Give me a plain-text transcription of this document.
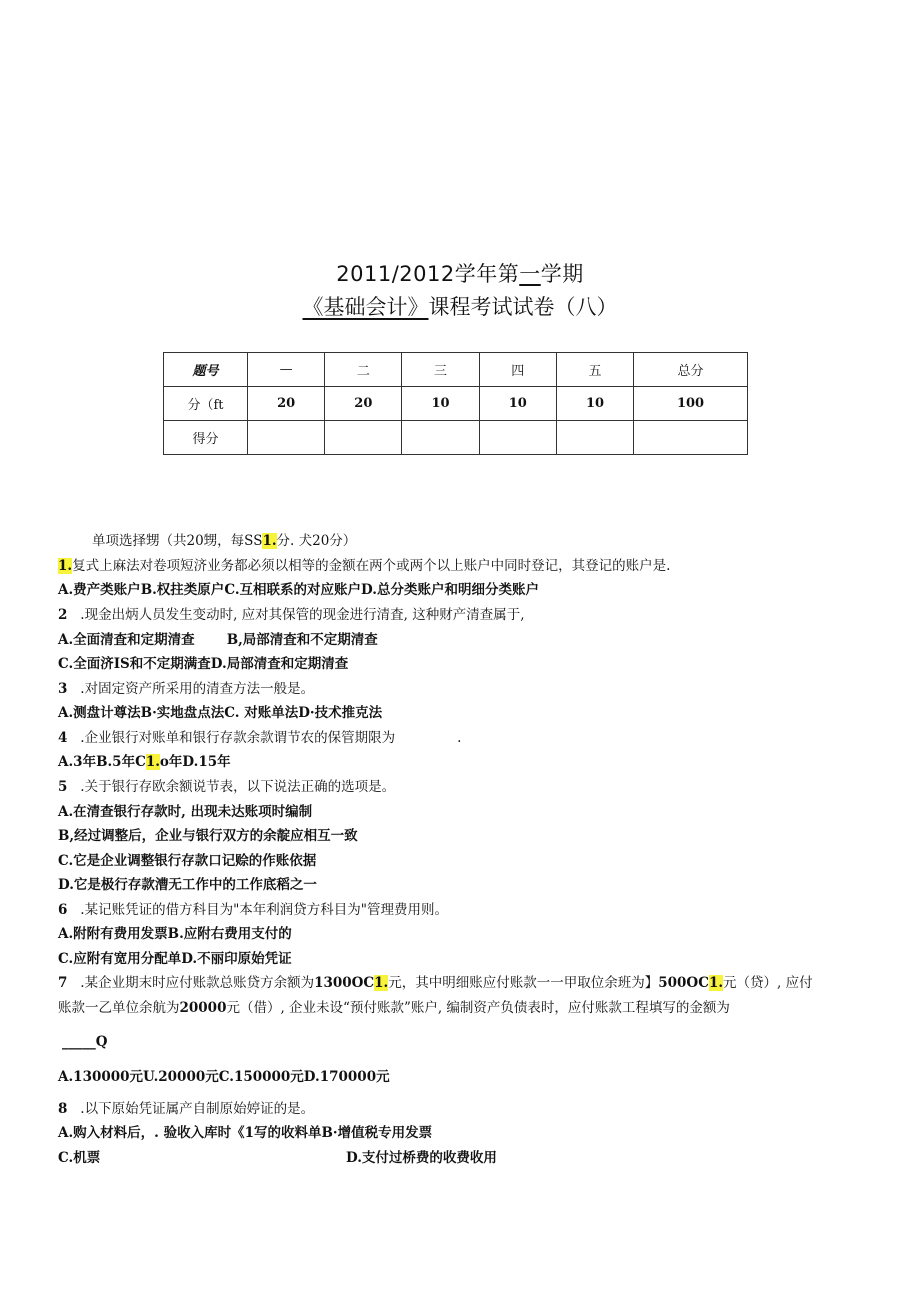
2011/2012学年第一学期
《基础会计》课程考试试卷（八）
题号	—	二	三	四	五	总分
分（ft	20	20	10	10	10	100
得分						
单项选择甥（共20甥，每SS1.分. 犬20分）
1.复式上麻法对卷项短济业务都必须以相等的金额在两个或两个以上账户中同时登记，其登记的账户是.
A.费产类账户B.权拄类原户C.互相联系的对应账户D.总分类账户和明细分类账户
2 .现金出炳人员发生变动时, 应对其保管的现金进行清査, 这种财产清查属于,
A.全面清査和定期清查 B,局部清査和不定期清查
C.全面济IS和不定期满査D.局部清査和定期清查
3 .对固定资产所采用的清查方法一般是。
A.测盘计尊法B·实地盘点法C. 对账单法D·技术推克法
4 .企业银行对账单和银行存款余款谓节农的保管期限为	.
A.3年B.5年C1.o年D.15年
5 .关于银行存欧余额说节表，以下说法正确的选项是。
A.在清查银行存款时, 出现未达账项时编制
B,经过调整后，企业与银行双方的余靛应相互一致
C.它是企业调整银行存款口记赊的作账依据
D.它是极行存款漕无工作中的工作底稻之一
6 .某记账凭证的借方科目为"本年利润贷方科目为"管理费用则。
A.附附有费用发票B.应附右费用支付的
C.应附有宽用分配单D.不丽印原始凭证
7 .某企业期末时应付账款总账贷方余额为1300OC1.元，其中明细账应付账款一一甲取位余班为】500OC1.元（贷）, 应付
账款一乙单位余航为20000元（借）, 企业未设“预付账款”账户, 编制资产负债表时，应付账款工程填写的金额为
_____Q
A.130000元U.20000元C.150000元D.170000元
8 .以下原始凭证属产自制原始婷证的是。
A.购入材料后，. 验收入库时《1写的收料单B·增值税专用发票
C.机票	D.支付过桥费的收费收用
